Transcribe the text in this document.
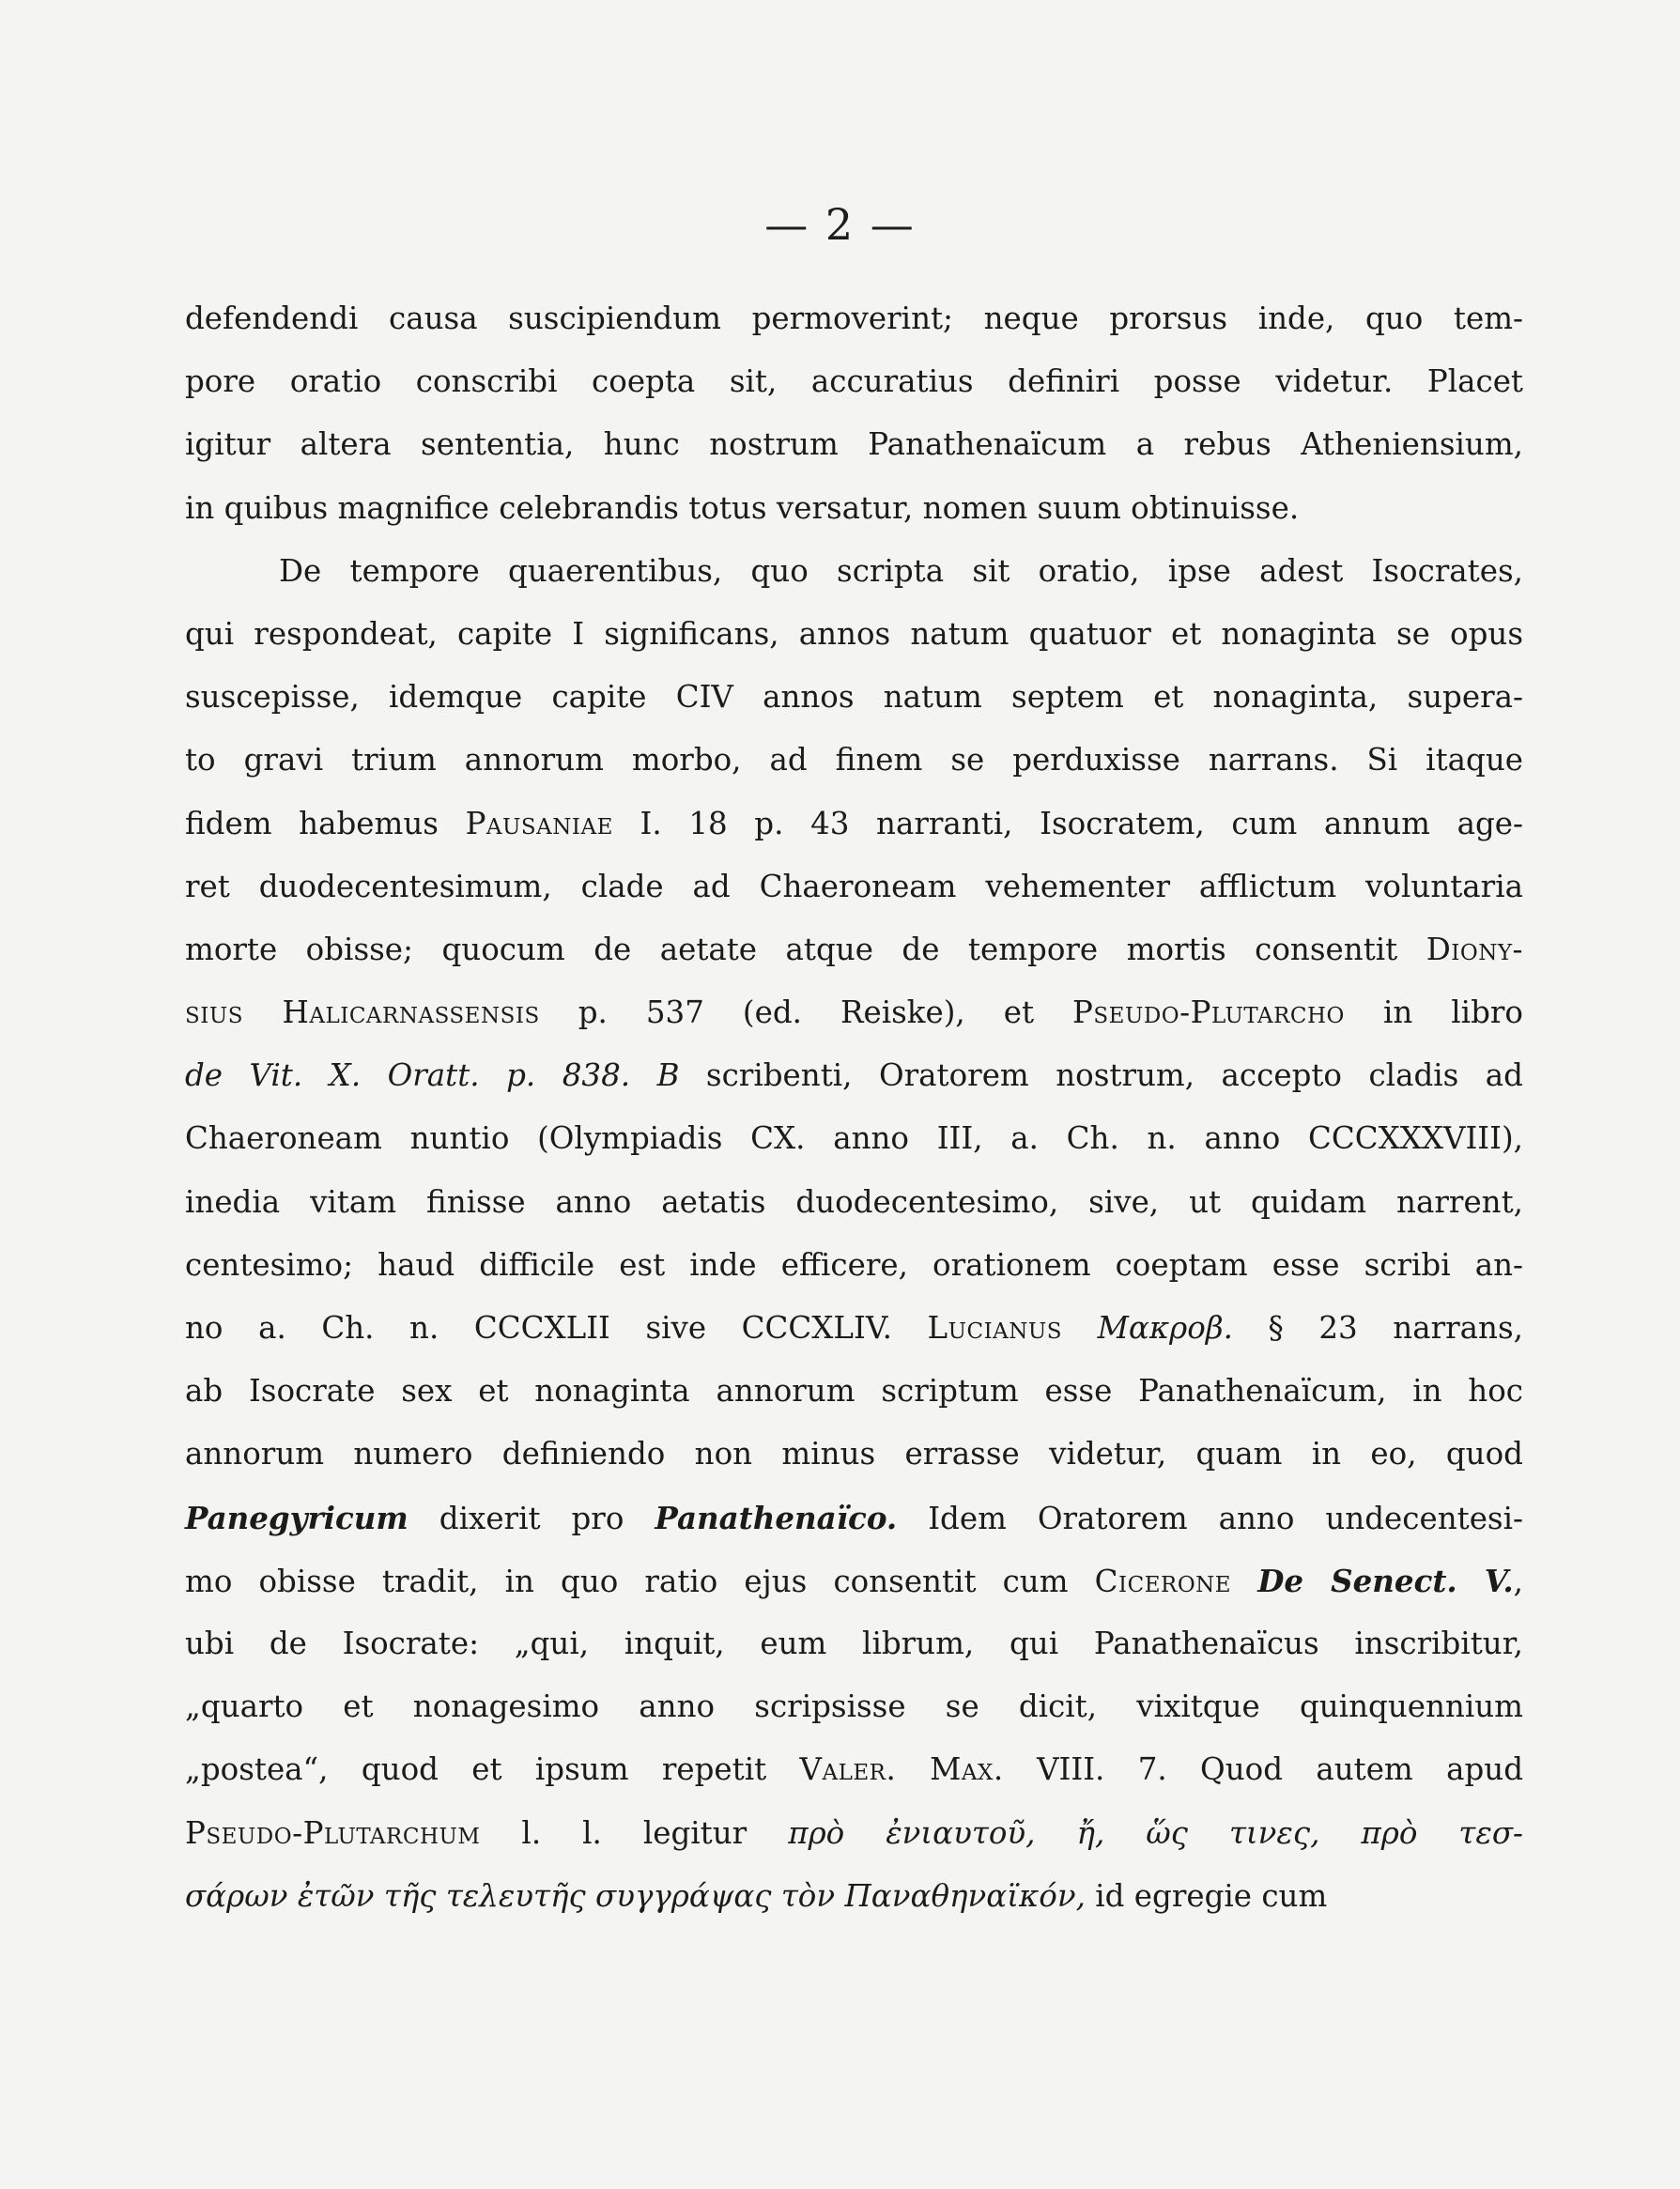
— 2 —
defendendi causa suscipiendum permoverint; neque prorsus inde, quo tem-
pore oratio conscribi coepta sit, accuratius definiri posse videtur. Placet
igitur altera sententia, hunc nostrum Panathenaïcum a rebus Atheniensium,
in quibus magnifice celebrandis totus versatur, nomen suum obtinuisse.
De tempore quaerentibus, quo scripta sit oratio, ipse adest Isocrates,
qui respondeat, capite I significans, annos natum quatuor et nonaginta se opus
suscepisse, idemque capite CIV annos natum septem et nonaginta, supera-
to gravi trium annorum morbo, ad finem se perduxisse narrans. Si itaque
fidem habemus Pausaniae I. 18 p. 43 narranti, Isocratem, cum annum age-
ret duodecentesimum, clade ad Chaeroneam vehementer afflictum voluntaria
morte obisse; quocum de aetate atque de tempore mortis consentit Diony-
sius Halicarnassensis p. 537 (ed. Reiske), et Pseudo-Plutarcho in libro
de Vit. X. Oratt. p. 838. B scribenti, Oratorem nostrum, accepto cladis ad
Chaeroneam nuntio (Olympiadis CX. anno III, a. Ch. n. anno CCCXXXVIII),
inedia vitam finisse anno aetatis duodecentesimo, sive, ut quidam narrent,
centesimo; haud difficile est inde efficere, orationem coeptam esse scribi an-
no a. Ch. n. CCCXLII sive CCCXLIV. Lucianus Μακροβ. § 23 narrans,
ab Isocrate sex et nonaginta annorum scriptum esse Panathenaïcum, in hoc
annorum numero definiendo non minus errasse videtur, quam in eo, quod
Panegyricum dixerit pro Panathenaïco. Idem Oratorem anno undecentesi-
mo obisse tradit, in quo ratio ejus consentit cum Cicerone De Senect. V.,
ubi de Isocrate: „qui, inquit, eum librum, qui Panathenaïcus inscribitur,
„quarto et nonagesimo anno scripsisse se dicit, vixitque quinquennium
„postea“, quod et ipsum repetit Valer. Max. VIII. 7. Quod autem apud
Pseudo-Plutarchum l. l. legitur πρὸ ἐνιαυτοῦ, ἤ, ὥς τινες, πρὸ τεσ-
σάρων ἐτῶν τῆς τελευτῆς συγγράψας τὸν Παναθηναϊκόν, id egregie cum
